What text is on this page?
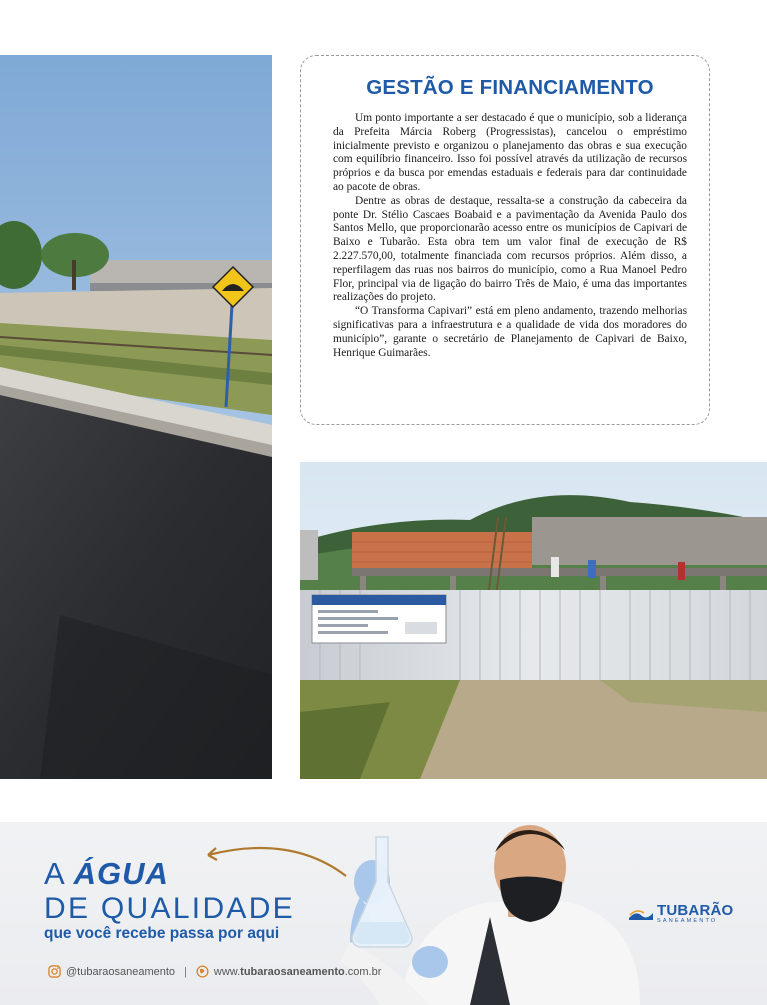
GESTÃO E FINANCIAMENTO

Um ponto importante a ser destacado é que o município, sob a liderança da Prefeita Márcia Roberg (Progressistas), cancelou o empréstimo inicialmente previsto e organizou o planejamento das obras e sua execução com equilíbrio financeiro. Isso foi possível através da utilização de recursos próprios e da busca por emendas estaduais e federais para dar continuidade ao pacote de obras.

Dentre as obras de destaque, ressalta-se a construção da cabeceira da ponte Dr. Stélio Cascaes Boabaid e a pavimentação da Avenida Paulo dos Santos Mello, que proporcionarão acesso entre os municípios de Capivari de Baixo e Tubarão. Esta obra tem um valor final de execução de R$ 2.227.570,00, totalmente financiada com recursos próprios. Além disso, a reperfilagem das ruas nos bairros do município, como a Rua Manoel Pedro Flor, principal via de ligação do bairro Três de Maio, é uma das importantes realizações do projeto.

“O Transforma Capivari” está em pleno andamento, trazendo melhorias significativas para a infraestrutura e a qualidade de vida dos moradores do município”, garante o secretário de Planejamento de Capivari de Baixo, Henrique Guimarães.

A ÁGUA
DE QUALIDADE
que você recebe passa por aqui
@tubaraosaneamento | www.tubaraosaneamento.com.br
TUBARÃO
SANEAMENTO
